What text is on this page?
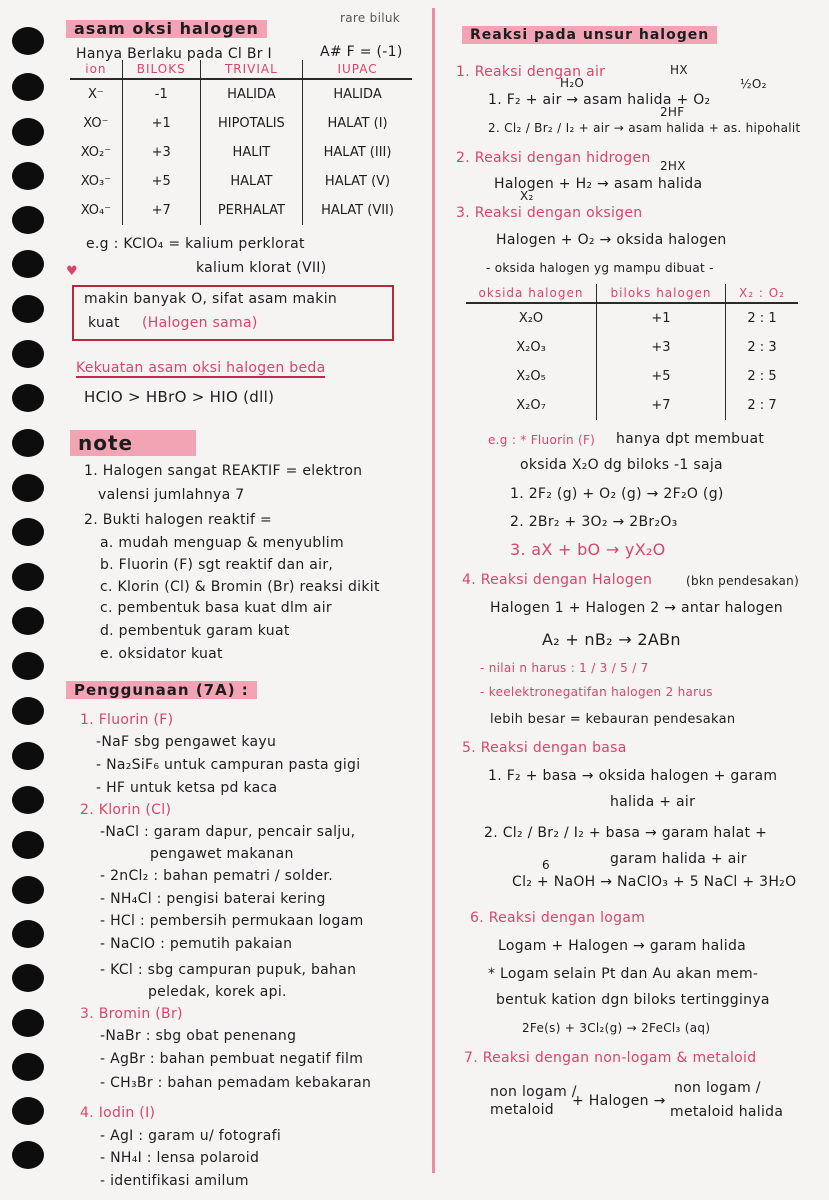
asam oksi halogen
rare biluk
Hanya Berlaku pada Cl Br I	A# F = (-1)
ion	BILOKS	TRIVIAL	IUPAC
X⁻	-1	HALIDA	HALIDA
XO⁻	+1	HIPOTALIS	HALAT (I)
XO₂⁻	+3	HALIT	HALAT (III)
XO₃⁻	+5	HALAT	HALAT (V)
XO₄⁻	+7	PERHALAT	HALAT (VII)
e.g : KClO₄ = kalium perklorat
kalium klorat (VII)
♥
makin banyak O, sifat asam makin
kuat (Halogen sama)
Kekuatan asam oksi halogen beda
HClO > HBrO > HIO (dll)
note
1. Halogen sangat REAKTIF = elektron
valensi jumlahnya 7
2. Bukti halogen reaktif =
a. mudah menguap & menyublim
b. Fluorin (F) sgt reaktif dan air,
c. Klorin (Cl) & Bromin (Br) reaksi dikit
c. pembentuk basa kuat dlm air
d. pembentuk garam kuat
e. oksidator kuat
Penggunaan (7A) :
1. Fluorin (F)
-NaF sbg pengawet kayu
- Na₂SiF₆ untuk campuran pasta gigi
- HF untuk ketsa pd kaca
2. Klorin (Cl)
-NaCl : garam dapur, pencair salju,
pengawet makanan
- 2nCl₂ : bahan pematri / solder.
- NH₄Cl : pengisi baterai kering
- HCl : pembersih permukaan logam
- NaClO : pemutih pakaian
- KCl : sbg campuran pupuk, bahan
peledak, korek api.
3. Bromin (Br)
-NaBr : sbg obat penenang
- AgBr : bahan pembuat negatif film
- CH₃Br : bahan pemadam kebakaran
4. Iodin (I)
- AgI : garam u/ fotografi
- NH₄I : lensa polaroid
- identifikasi amilum
Reaksi pada unsur halogen
1. Reaksi dengan air	HX
H₂O	½O₂
1. F₂ + air → asam halida + O₂
2HF
2. Cl₂ / Br₂ / I₂ + air → asam halida + as. hipohalit
2. Reaksi dengan hidrogen 2HX
Halogen + H₂ → asam halida
X₂
3. Reaksi dengan oksigen
Halogen + O₂ → oksida halogen
- oksida halogen yg mampu dibuat -
oksida halogen	biloks halogen	X₂ : O₂
X₂O	+1	2 : 1
X₂O₃	+3	2 : 3
X₂O₅	+5	2 : 5
X₂O₇	+7	2 : 7
e.g : * Fluorin (F) hanya dpt membuat
oksida X₂O dg biloks -1 saja
1. 2F₂ (g) + O₂ (g) → 2F₂O (g)
2. 2Br₂ + 3O₂ → 2Br₂O₃
3. aX + bO → yX₂O
4. Reaksi dengan Halogen	(bkn pendesakan)
Halogen 1 + Halogen 2 → antar halogen
A₂ + nB₂ → 2ABn
- nilai n harus : 1 / 3 / 5 / 7
- keelektronegatifan halogen 2 harus
lebih besar = kebauran pendesakan
5. Reaksi dengan basa
1. F₂ + basa → oksida halogen + garam
halida + air
2. Cl₂ / Br₂ / I₂ + basa → garam halat +
garam halida + air
6
Cl₂ + NaOH → NaClO₃ + 5 NaCl + 3H₂O
6. Reaksi dengan logam
Logam + Halogen → garam halida
* Logam selain Pt dan Au akan mem-
bentuk kation dgn biloks tertingginya
2Fe(s) + 3Cl₂(g) → 2FeCl₃ (aq)
7. Reaksi dengan non-logam & metaloid
non logam /
metaloid
+ Halogen →
non logam /
metaloid halida
